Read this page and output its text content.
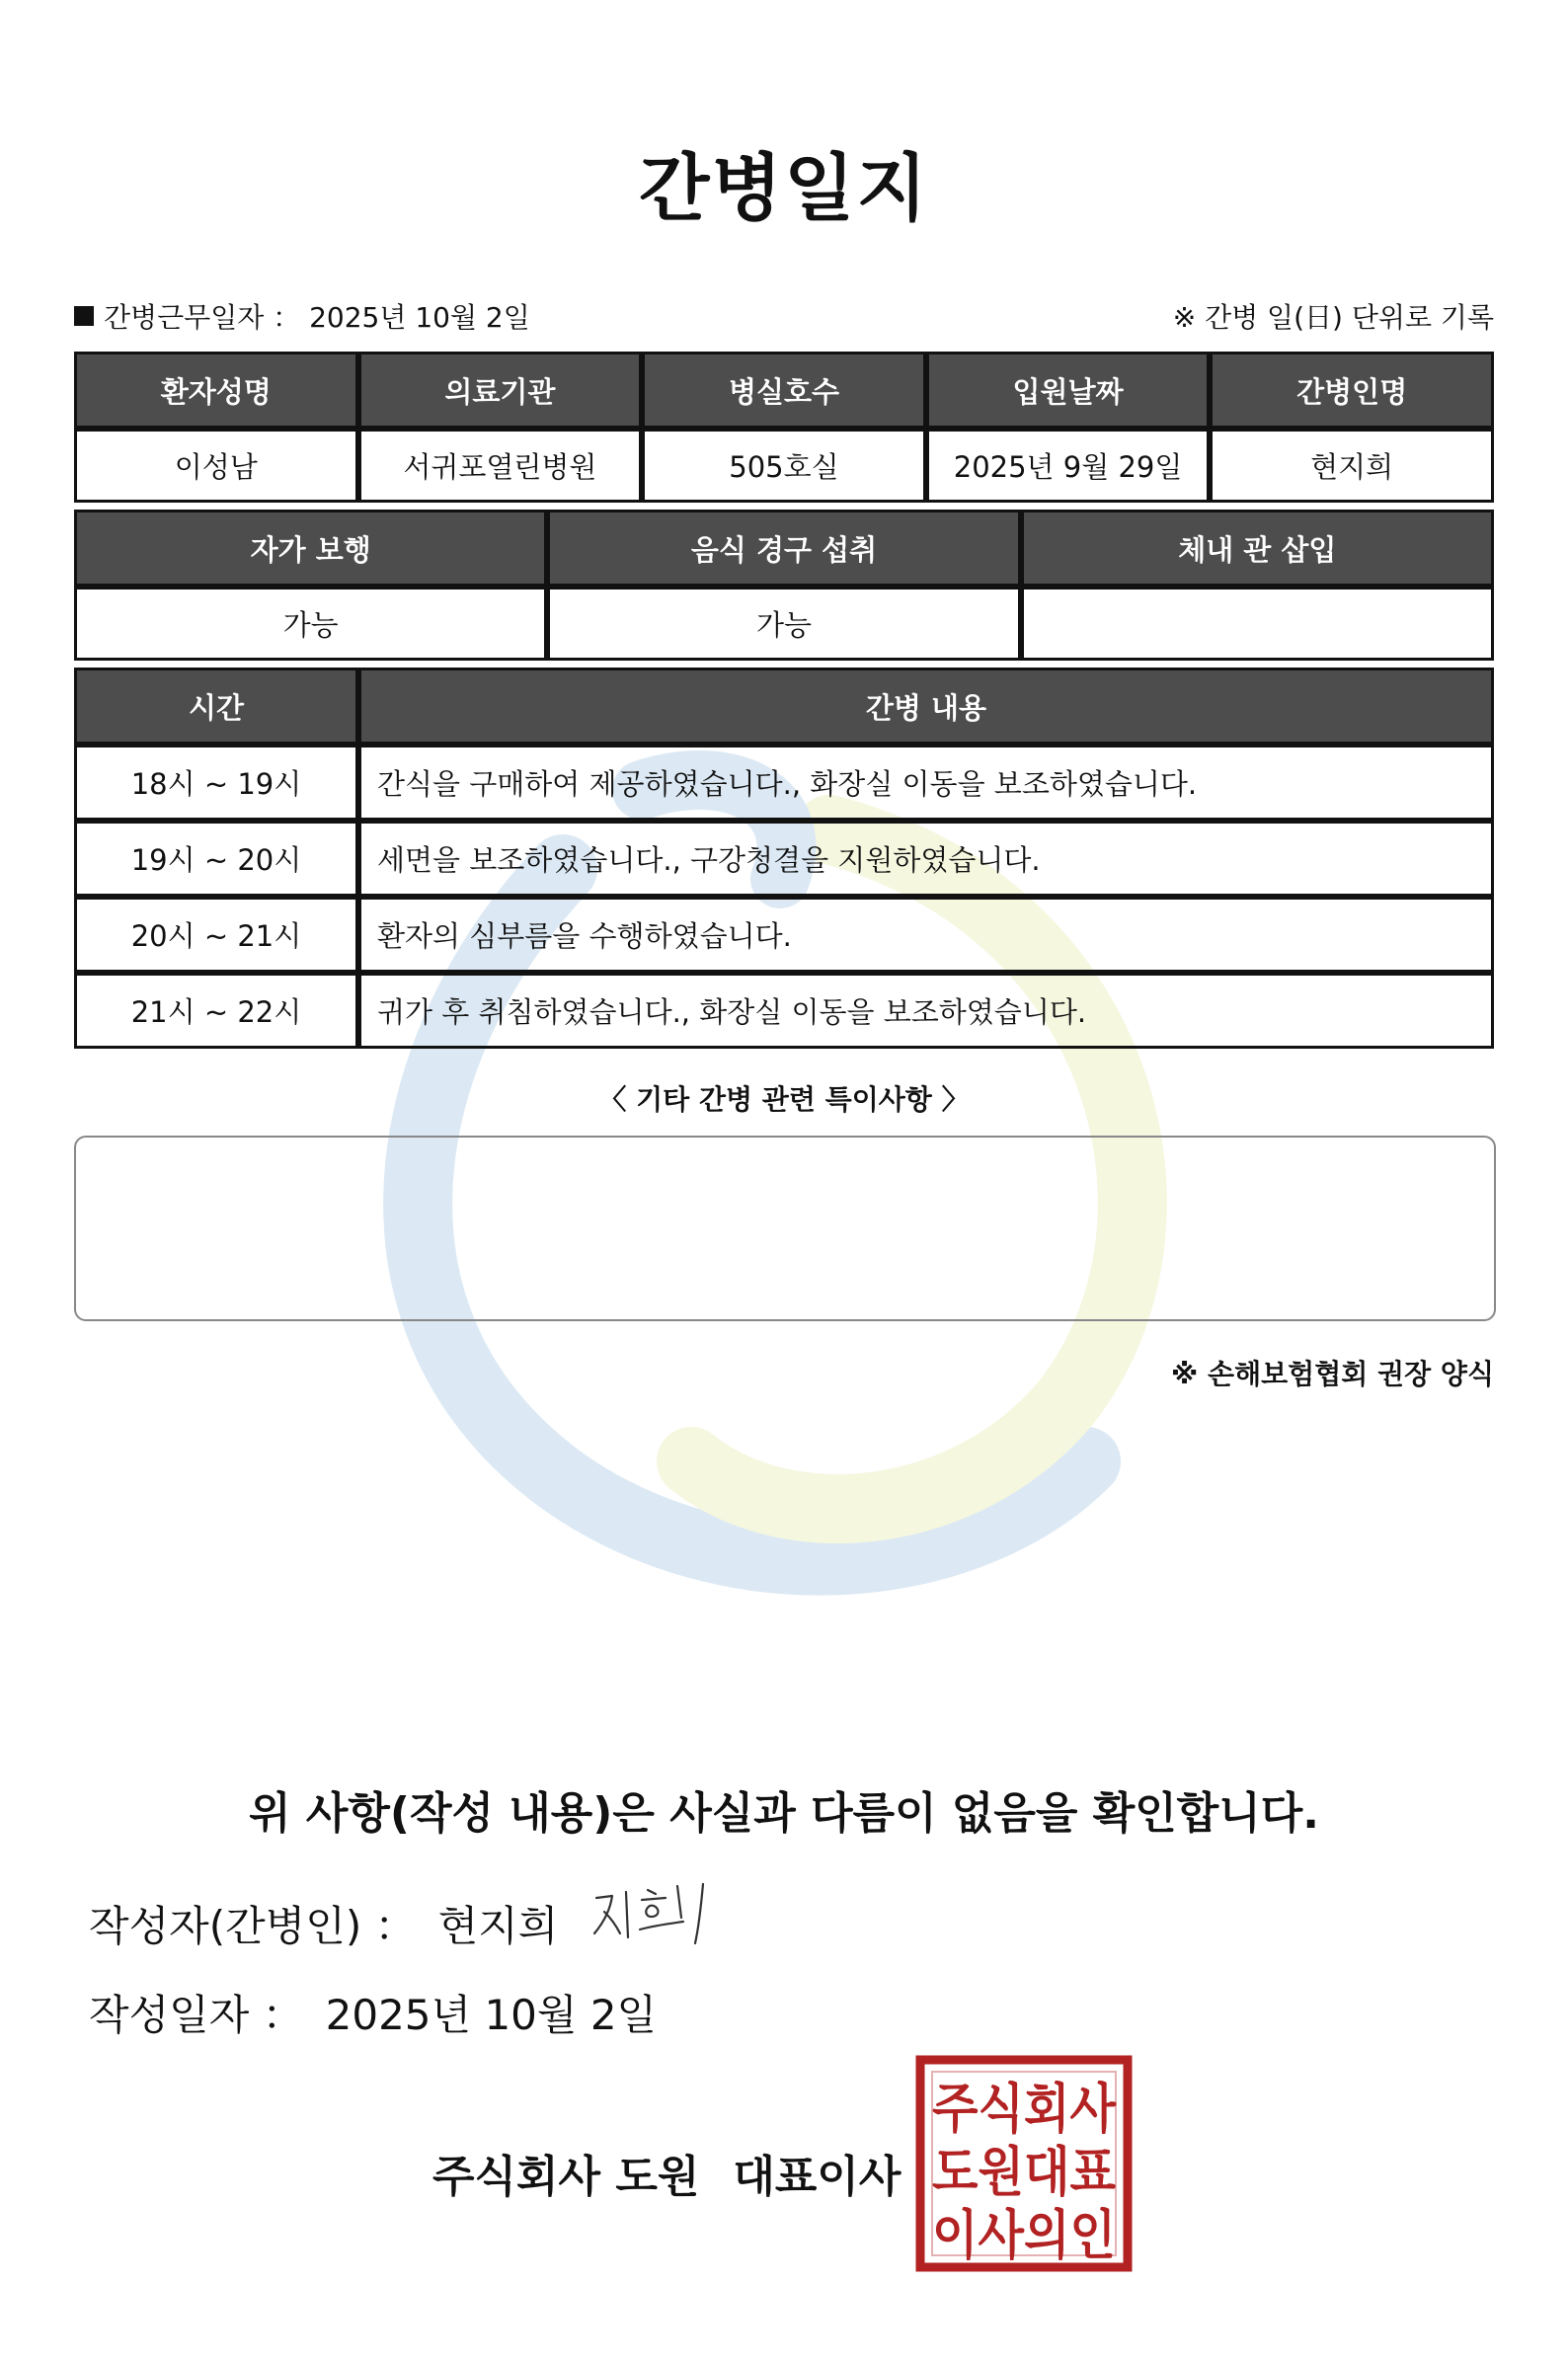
간병일지
간병근무일자 ： 2025년 10월 2일	※ 간병 일(日) 단위로 기록
환자성명	의료기관	병실호수	입원날짜	간병인명
이성남	서귀포열린병원	505호실	2025년 9월 29일	현지희
자가 보행	음식 경구 섭취	체내 관 삽입
가능	가능	
시간	간병 내용
18시 ~ 19시	간식을 구매하여 제공하였습니다., 화장실 이동을 보조하였습니다.
19시 ~ 20시	세면을 보조하였습니다., 구강청결을 지원하였습니다.
20시 ~ 21시	환자의 심부름을 수행하였습니다.
21시 ~ 22시	귀가 후 취침하였습니다., 화장실 이동을 보조하였습니다.
〈 기타 간병 관련 특이사항 〉
※ 손해보험협회 권장 양식
위 사항(작성 내용)은 사실과 다름이 없음을 확인합니다.
작성자(간병인) ： 현지희
작성일자 ： 2025년 10월 2일
주식회사 도원 대표이사
주식회사
도원대표
이사의인
